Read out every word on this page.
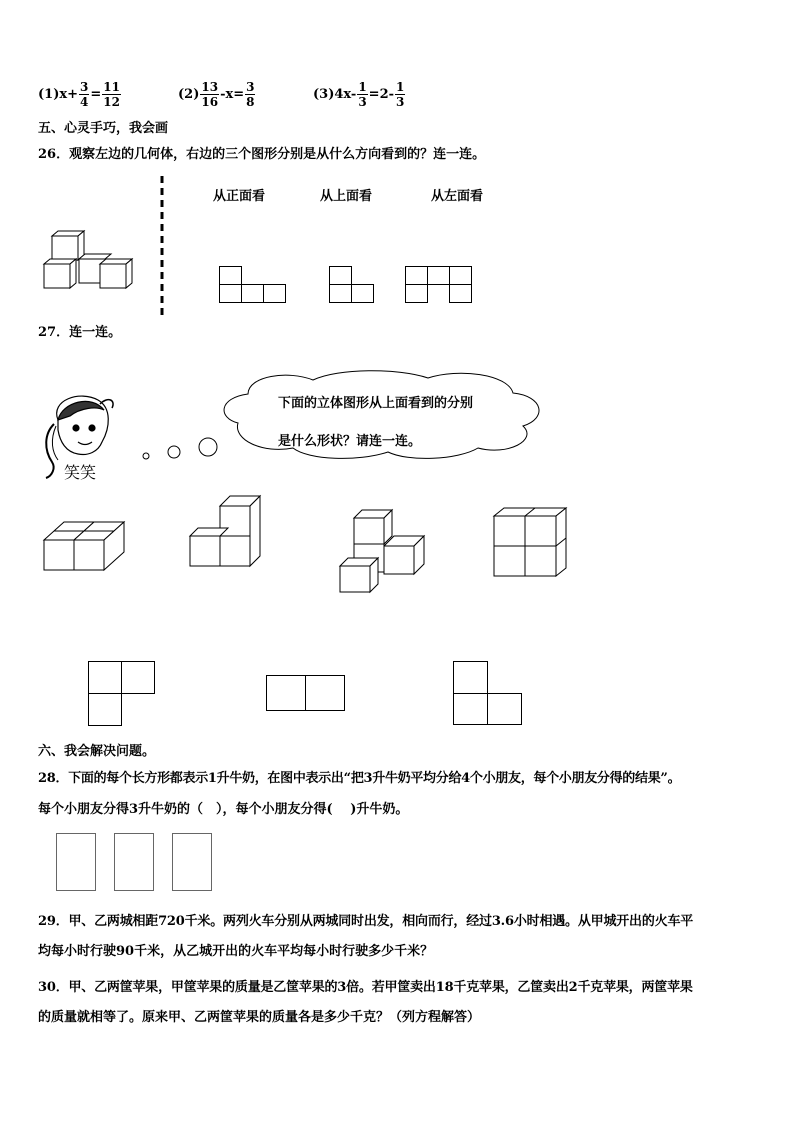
$(1)x+ \frac{3}{4} = \frac{11}{12}$	$(2) \frac{13}{16} -x= \frac{3}{8}$	$(3)4x- \frac{1}{3} =2- \frac{1}{3}$
五、心灵手巧，我会画
26．观察左边的几何体，右边的三个图形分别是从什么方向看到的？连一连。
从正面看	从上面看	从左面看
27．连一连。
笑笑
下面的立体图形从上面看到的分别
是什么形状？请连一连。
六、我会解决问题。
28．下面的每个长方形都表示1升牛奶，在图中表示出“把3升牛奶平均分给4个小朋友，每个小朋友分得的结果”。
每个小朋友分得3升牛奶的（　），每个小朋友分得(　 )升牛奶。
29．甲、乙两城相距720千米。两列火车分别从两城同时出发，相向而行，经过3.6小时相遇。从甲城开出的火车平
均每小时行驶90千米，从乙城开出的火车平均每小时行驶多少千米？
30．甲、乙两筐苹果，甲筐苹果的质量是乙筐苹果的3倍。若甲筐卖出18千克苹果，乙筐卖出2千克苹果，两筐苹果
的质量就相等了。原来甲、乙两筐苹果的质量各是多少千克？（列方程解答）
